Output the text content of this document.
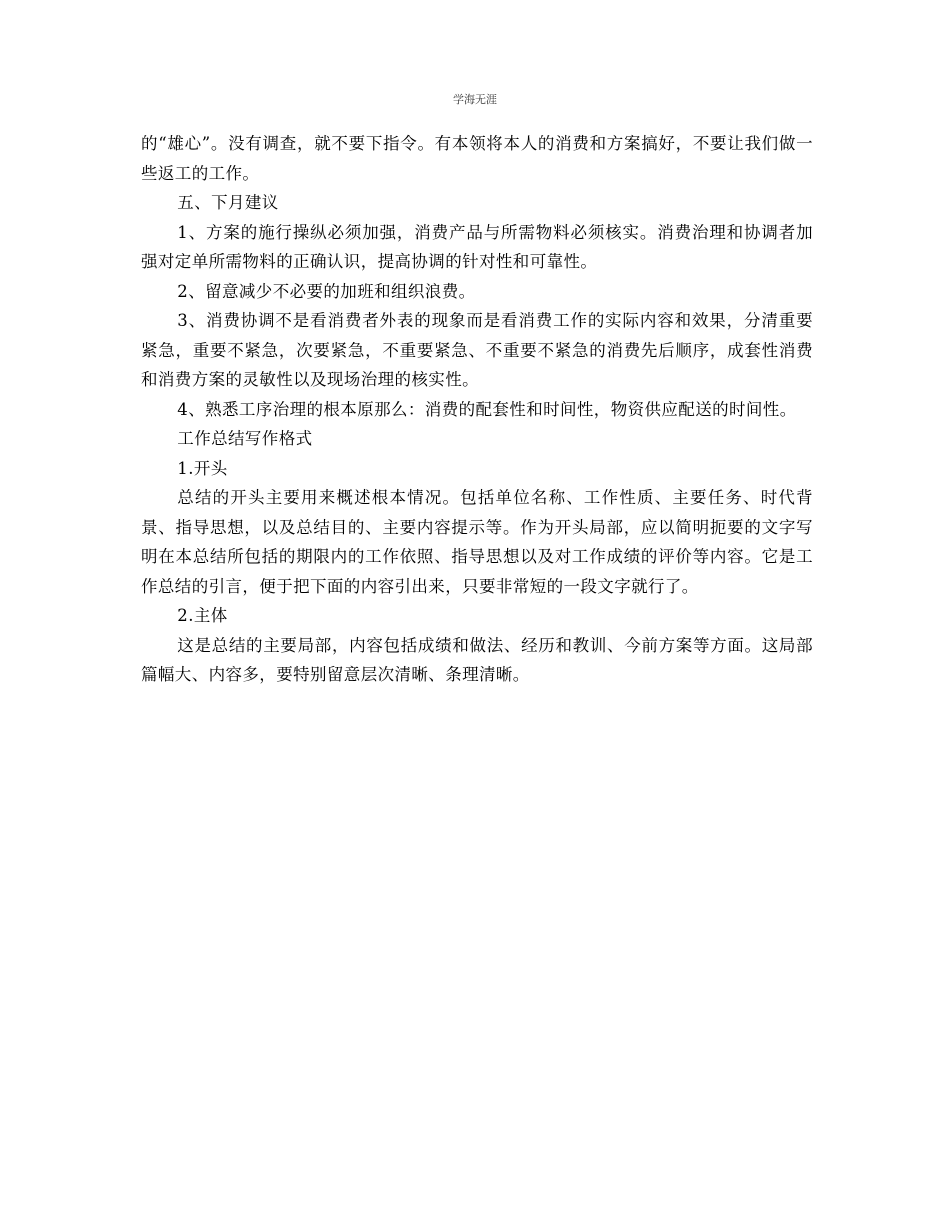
学海无涯

的“雄心”。没有调查，就不要下指令。有本领将本人的消费和方案搞好，不要让我们做一些返工的工作。

五、下月建议

1、方案的施行操纵必须加强，消费产品与所需物料必须核实。消费治理和协调者加强对定单所需物料的正确认识，提高协调的针对性和可靠性。

2、留意减少不必要的加班和组织浪费。

3、消费协调不是看消费者外表的现象而是看消费工作的实际内容和效果，分清重要紧急，重要不紧急，次要紧急，不重要紧急、不重要不紧急的消费先后顺序，成套性消费和消费方案的灵敏性以及现场治理的核实性。

4、熟悉工序治理的根本原那么：消费的配套性和时间性，物资供应配送的时间性。

工作总结写作格式

1.开头

总结的开头主要用来概述根本情况。包括单位名称、工作性质、主要任务、时代背景、指导思想，以及总结目的、主要内容提示等。作为开头局部，应以简明扼要的文字写明在本总结所包括的期限内的工作依照、指导思想以及对工作成绩的评价等内容。它是工作总结的引言，便于把下面的内容引出来，只要非常短的一段文字就行了。

2.主体

这是总结的主要局部，内容包括成绩和做法、经历和教训、今前方案等方面。这局部篇幅大、内容多，要特别留意层次清晰、条理清晰。
